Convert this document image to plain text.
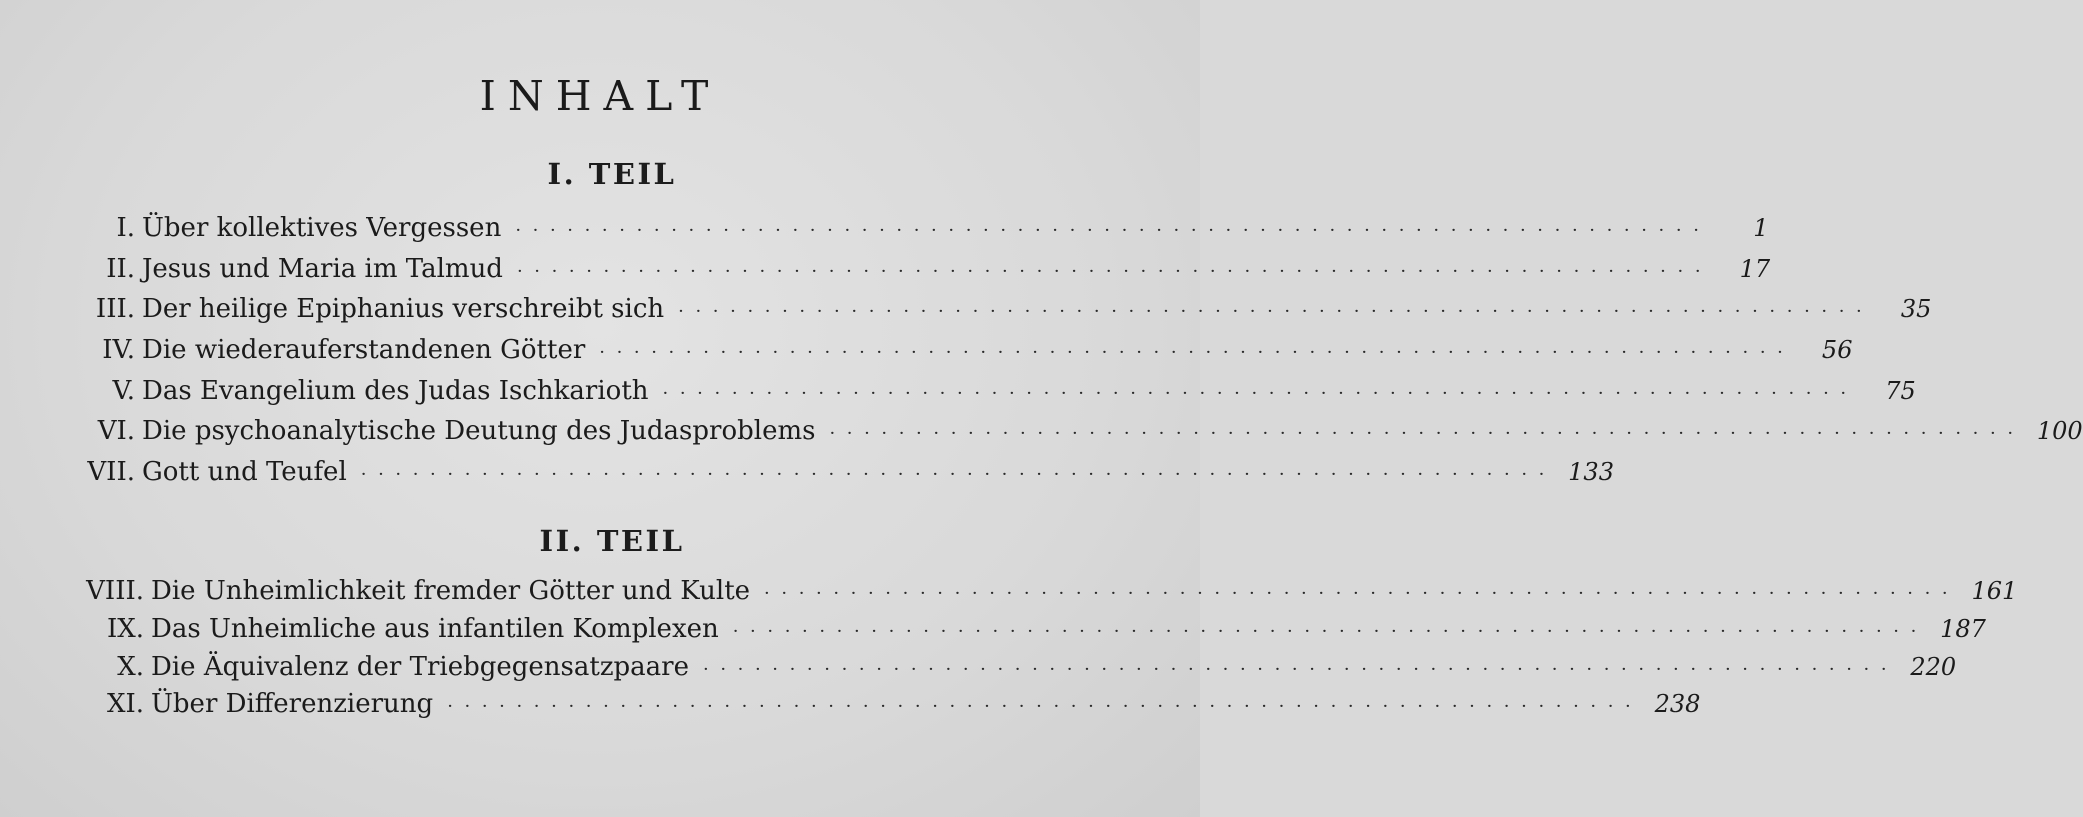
INHALT
I. TEIL
I. Über kollektives Vergessen ·····································································	1
II. Jesus und Maria im Talmud ·····································································	17
III. Der heilige Epiphanius verschreibt sich ·····································································	35
IV. Die wiederauferstandenen Götter ·····································································	56
V. Das Evangelium des Judas Ischkarioth ·····································································	75
VI. Die psychoanalytische Deutung des Judasproblems ····································································· 100
VII. Gott und Teufel ····································································· 133
II. TEIL
VIII. Die Unheimlichkeit fremder Götter und Kulte ····································································· 161
IX. Das Unheimliche aus infantilen Komplexen ····································································· 187
X. Die Äquivalenz der Triebgegensatzpaare ····································································· 220
XI. Über Differenzierung ····································································· 238
